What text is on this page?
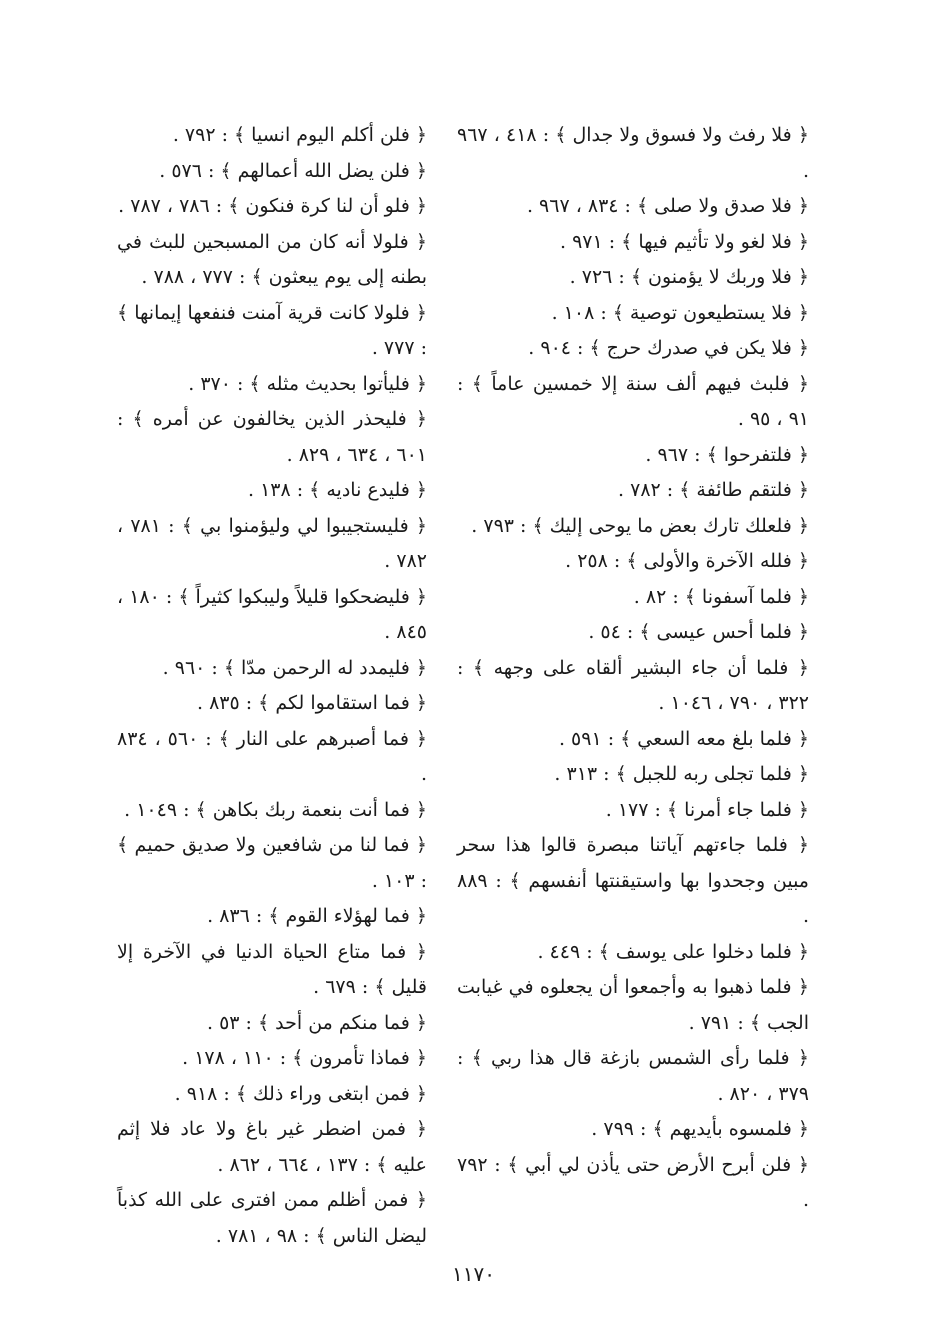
﴿ فلا رفث ولا فسوق ولا جدال ﴾ : ٤١٨ ، ٩٦٧ .

﴿ فلا صدق ولا صلى ﴾ : ٨٣٤ ، ٩٦٧ .

﴿ فلا لغو ولا تأثيم فيها ﴾ : ٩٧١ .

﴿ فلا وربك لا يؤمنون ﴾ : ٧٢٦ .

﴿ فلا يستطيعون توصية ﴾ : ١٠٨ .

﴿ فلا يكن في صدرك حرج ﴾ : ٩٠٤ .

﴿ فلبث فيهم ألف سنة إلا خمسين عاماً ﴾ : ٩١ ، ٩٥ .

﴿ فلتفرحوا ﴾ : ٩٦٧ .

﴿ فلتقم طائفة ﴾ : ٧٨٢ .

﴿ فلعلك تارك بعض ما يوحى إليك ﴾ : ٧٩٣ .

﴿ فلله الآخرة والأولى ﴾ : ٢٥٨ .

﴿ فلما آسفونا ﴾ : ٨٢ .

﴿ فلما أحس عيسى ﴾ : ٥٤ .

﴿ فلما أن جاء البشير ألقاه على وجهه ﴾ : ٣٢٢ ، ٧٩٠ ، ١٠٤٦ .

﴿ فلما بلغ معه السعي ﴾ : ٥٩١ .

﴿ فلما تجلى ربه للجبل ﴾ : ٣١٣ .

﴿ فلما جاء أمرنا ﴾ : ١٧٧ .

﴿ فلما جاءتهم آياتنا مبصرة قالوا هذا سحر مبين وجحدوا بها واستيقنتها أنفسهم ﴾ : ٨٨٩ .

﴿ فلما دخلوا على يوسف ﴾ : ٤٤٩ .

﴿ فلما ذهبوا به وأجمعوا أن يجعلوه في غيابت الجب ﴾ : ٧٩١ .

﴿ فلما رأى الشمس بازغة قال هذا ربي ﴾ : ٣٧٩ ، ٨٢٠ .

﴿ فلمسوه بأيديهم ﴾ : ٧٩٩ .

﴿ فلن أبرح الأرض حتى يأذن لي أبي ﴾ : ٧٩٢ .

﴿ فلن أكلم اليوم انسيا ﴾ : ٧٩٢ .

﴿ فلن يضل الله أعمالهم ﴾ : ٥٧٦ .

﴿ فلو أن لنا كرة فنكون ﴾ : ٧٨٦ ، ٧٨٧ .

﴿ فلولا أنه كان من المسبحين للبث في بطنه إلى يوم يبعثون ﴾ : ٧٧٧ ، ٧٨٨ .

﴿ فلولا كانت قرية آمنت فنفعها إيمانها ﴾ : ٧٧٧ .

﴿ فليأتوا بحديث مثله ﴾ : ٣٧٠ .

﴿ فليحذر الذين يخالفون عن أمره ﴾ : ٦٠١ ، ٦٣٤ ، ٨٢٩ .

﴿ فليدع ناديه ﴾ : ١٣٨ .

﴿ فليستجيبوا لي وليؤمنوا بي ﴾ : ٧٨١ ، ٧٨٢ .

﴿ فليضحكوا قليلاً وليبكوا كثيراً ﴾ : ١٨٠ ، ٨٤٥ .

﴿ فليمدد له الرحمن مدّا ﴾ : ٩٦٠ .

﴿ فما استقاموا لكم ﴾ : ٨٣٥ .

﴿ فما أصبرهم على النار ﴾ : ٥٦٠ ، ٨٣٤ .

﴿ فما أنت بنعمة ربك بكاهن ﴾ : ١٠٤٩ .

﴿ فما لنا من شافعين ولا صديق حميم ﴾ : ١٠٣ .

﴿ فما لهؤلاء القوم ﴾ : ٨٣٦ .

﴿ فما متاع الحياة الدنيا في الآخرة إلا قليل ﴾ : ٦٧٩ .

﴿ فما منكم من أحد ﴾ : ٥٣ .

﴿ فماذا تأمرون ﴾ : ١١٠ ، ١٧٨ .

﴿ فمن ابتغى وراء ذلك ﴾ : ٩١٨ .

﴿ فمن اضطر غير باغ ولا عاد فلا إثم عليه ﴾ : ١٣٧ ، ٦٦٤ ، ٨٦٢ .

﴿ فمن أظلم ممن افترى على الله كذباً ليضل الناس ﴾ : ٩٨ ، ٧٨١ .

١١٧٠
